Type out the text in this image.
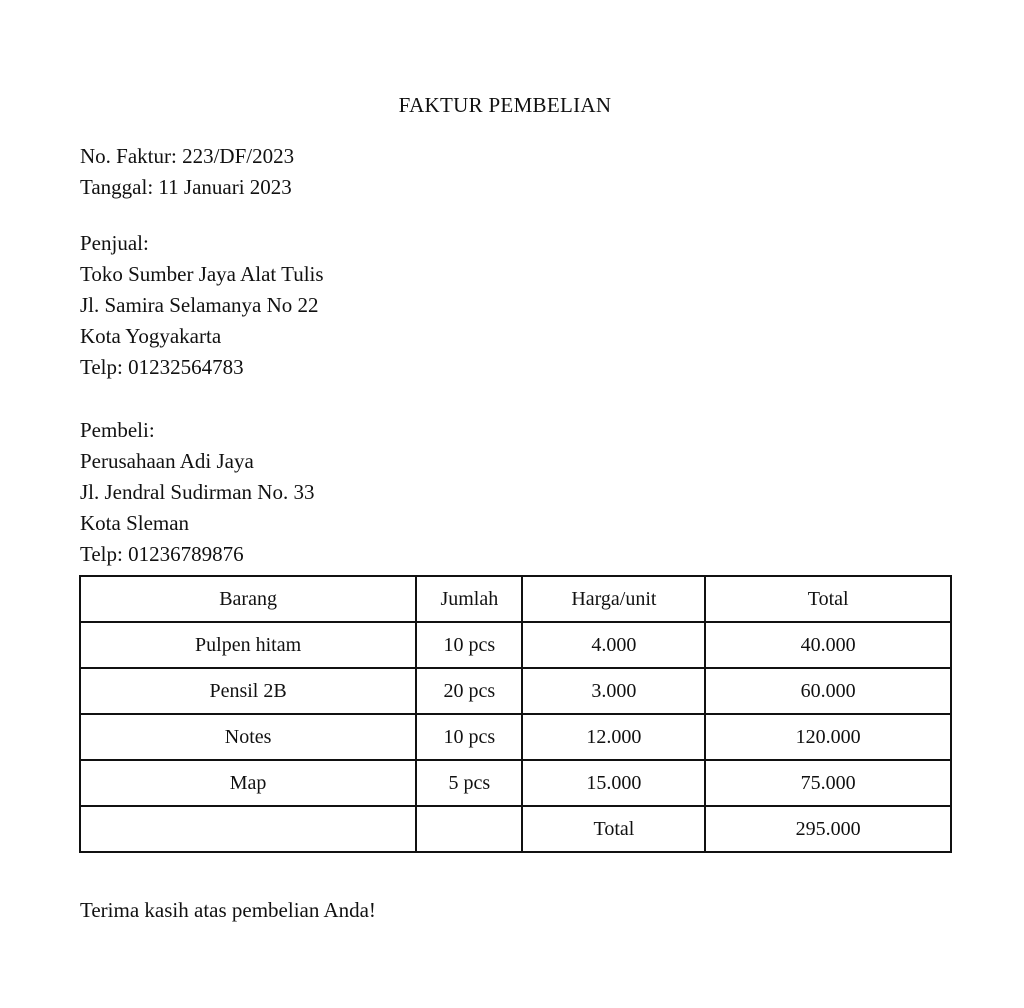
FAKTUR PEMBELIAN
No. Faktur: 223/DF/2023
Tanggal: 11 Januari 2023
Penjual:
Toko Sumber Jaya Alat Tulis
Jl. Samira Selamanya No 22
Kota Yogyakarta
Telp: 01232564783
Pembeli:
Perusahaan Adi Jaya
Jl. Jendral Sudirman No. 33
Kota Sleman
Telp: 01236789876
Barang	Jumlah	Harga/unit	Total
Pulpen hitam	10 pcs	4.000	40.000
Pensil 2B	20 pcs	3.000	60.000
Notes	10 pcs	12.000	120.000
Map	5 pcs	15.000	75.000
		Total	295.000
Terima kasih atas pembelian Anda!
